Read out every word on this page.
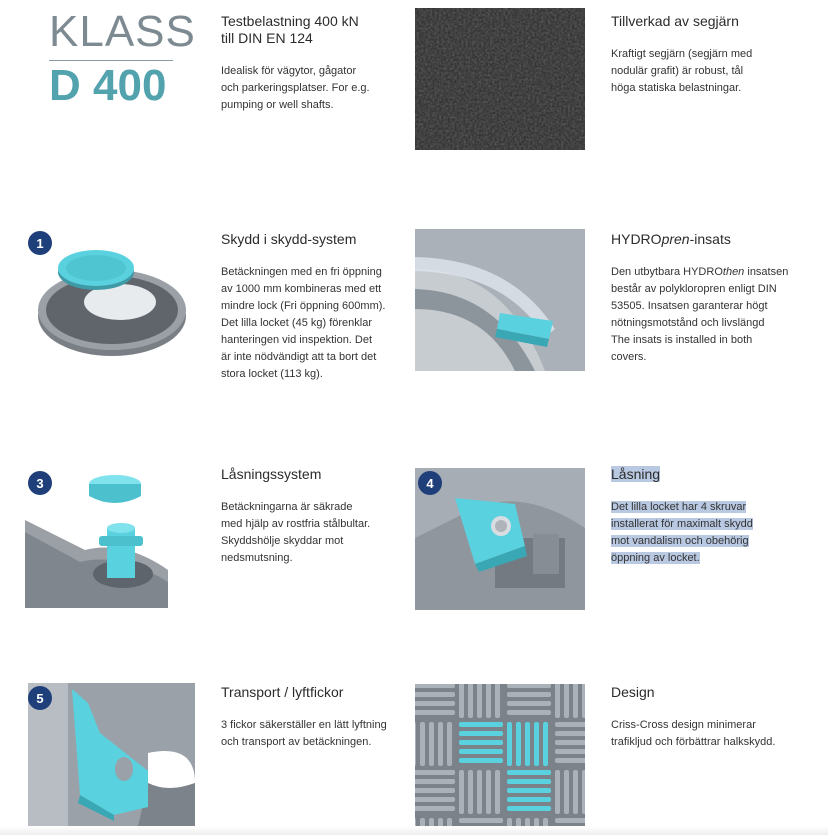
KLASS
D 400
Testbelastning 400 kN
till DIN EN 124
Idealisk för vägytor, gågator
och parkeringsplatser. For e.g.
pumping or well shafts.
Tillverkad av segjärn
Kraftigt segjärn (segjärn med
nodulär grafit) är robust, tål
höga statiska belastningar.
1	Skydd i skydd-system
Betäckningen med en fri öppning
av 1000 mm kombineras med ett
mindre lock (Fri öppning 600mm).
Det lilla locket (45 kg) förenklar
hanteringen vid inspektion. Det
är inte nödvändigt att ta bort det
stora locket (113 kg).
HYDROpren-insats
Den utbytbara HYDROthen insatsen
består av polykloropren enligt DIN
53505. Insatsen garanterar högt
nötningsmotstånd och livslängd
The insats is installed in both
covers.
3
Låsningssystem
Betäckningarna är säkrade
med hjälp av rostfria stålbultar.
Skyddshölje skyddar mot
nedsmutsning.
4
Låsning
Det lilla locket har 4 skruvar
installerat för maximalt skydd
mot vandalism och obehörig
öppning av locket.
5	Transport / lyftfickor
3 fickor säkerställer en lätt lyftning
och transport av betäckningen.
Design
Criss-Cross design minimerar
trafikljud och förbättrar halkskydd.
